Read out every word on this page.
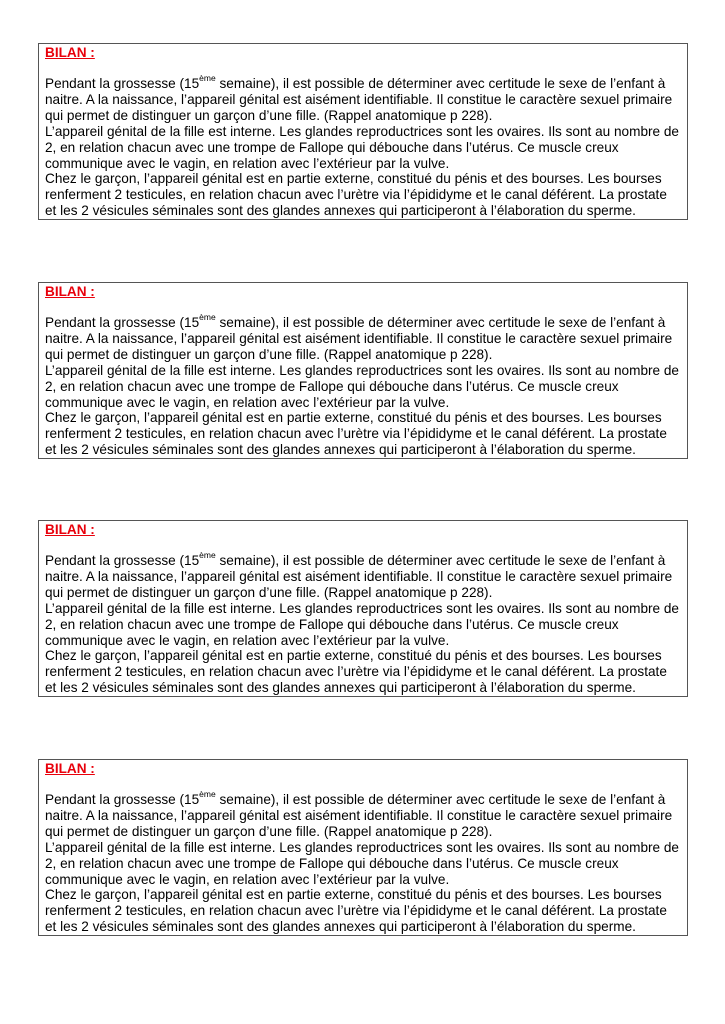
BILAN :
Pendant la grossesse (15ème semaine), il est possible de déterminer avec certitude le sexe de l’enfant à naitre. A la naissance, l’appareil génital est aisément identifiable. Il constitue le caractère sexuel primaire qui permet de distinguer un garçon d’une fille. (Rappel anatomique p 228).
L’appareil génital de la fille est interne. Les glandes reproductrices sont les ovaires. Ils sont au nombre de 2, en relation chacun avec une trompe de Fallope qui débouche dans l’utérus. Ce muscle creux communique avec le vagin, en relation avec l’extérieur par la vulve.
Chez le garçon, l’appareil génital est en partie externe, constitué du pénis et des bourses. Les bourses renferment 2 testicules, en relation chacun avec l’urètre via l’épididyme et le canal déférent. La prostate et les 2 vésicules séminales sont des glandes annexes qui participeront à l’élaboration du sperme.
BILAN :
Pendant la grossesse (15ème semaine), il est possible de déterminer avec certitude le sexe de l’enfant à naitre. A la naissance, l’appareil génital est aisément identifiable. Il constitue le caractère sexuel primaire qui permet de distinguer un garçon d’une fille. (Rappel anatomique p 228).
L’appareil génital de la fille est interne. Les glandes reproductrices sont les ovaires. Ils sont au nombre de 2, en relation chacun avec une trompe de Fallope qui débouche dans l’utérus. Ce muscle creux communique avec le vagin, en relation avec l’extérieur par la vulve.
Chez le garçon, l’appareil génital est en partie externe, constitué du pénis et des bourses. Les bourses renferment 2 testicules, en relation chacun avec l’urètre via l’épididyme et le canal déférent. La prostate et les 2 vésicules séminales sont des glandes annexes qui participeront à l’élaboration du sperme.
BILAN :
Pendant la grossesse (15ème semaine), il est possible de déterminer avec certitude le sexe de l’enfant à naitre. A la naissance, l’appareil génital est aisément identifiable. Il constitue le caractère sexuel primaire qui permet de distinguer un garçon d’une fille. (Rappel anatomique p 228).
L’appareil génital de la fille est interne. Les glandes reproductrices sont les ovaires. Ils sont au nombre de 2, en relation chacun avec une trompe de Fallope qui débouche dans l’utérus. Ce muscle creux communique avec le vagin, en relation avec l’extérieur par la vulve.
Chez le garçon, l’appareil génital est en partie externe, constitué du pénis et des bourses. Les bourses renferment 2 testicules, en relation chacun avec l’urètre via l’épididyme et le canal déférent. La prostate et les 2 vésicules séminales sont des glandes annexes qui participeront à l’élaboration du sperme.
BILAN :
Pendant la grossesse (15ème semaine), il est possible de déterminer avec certitude le sexe de l’enfant à naitre. A la naissance, l’appareil génital est aisément identifiable. Il constitue le caractère sexuel primaire qui permet de distinguer un garçon d’une fille. (Rappel anatomique p 228).
L’appareil génital de la fille est interne. Les glandes reproductrices sont les ovaires. Ils sont au nombre de 2, en relation chacun avec une trompe de Fallope qui débouche dans l’utérus. Ce muscle creux communique avec le vagin, en relation avec l’extérieur par la vulve.
Chez le garçon, l’appareil génital est en partie externe, constitué du pénis et des bourses. Les bourses renferment 2 testicules, en relation chacun avec l’urètre via l’épididyme et le canal déférent. La prostate et les 2 vésicules séminales sont des glandes annexes qui participeront à l’élaboration du sperme.
